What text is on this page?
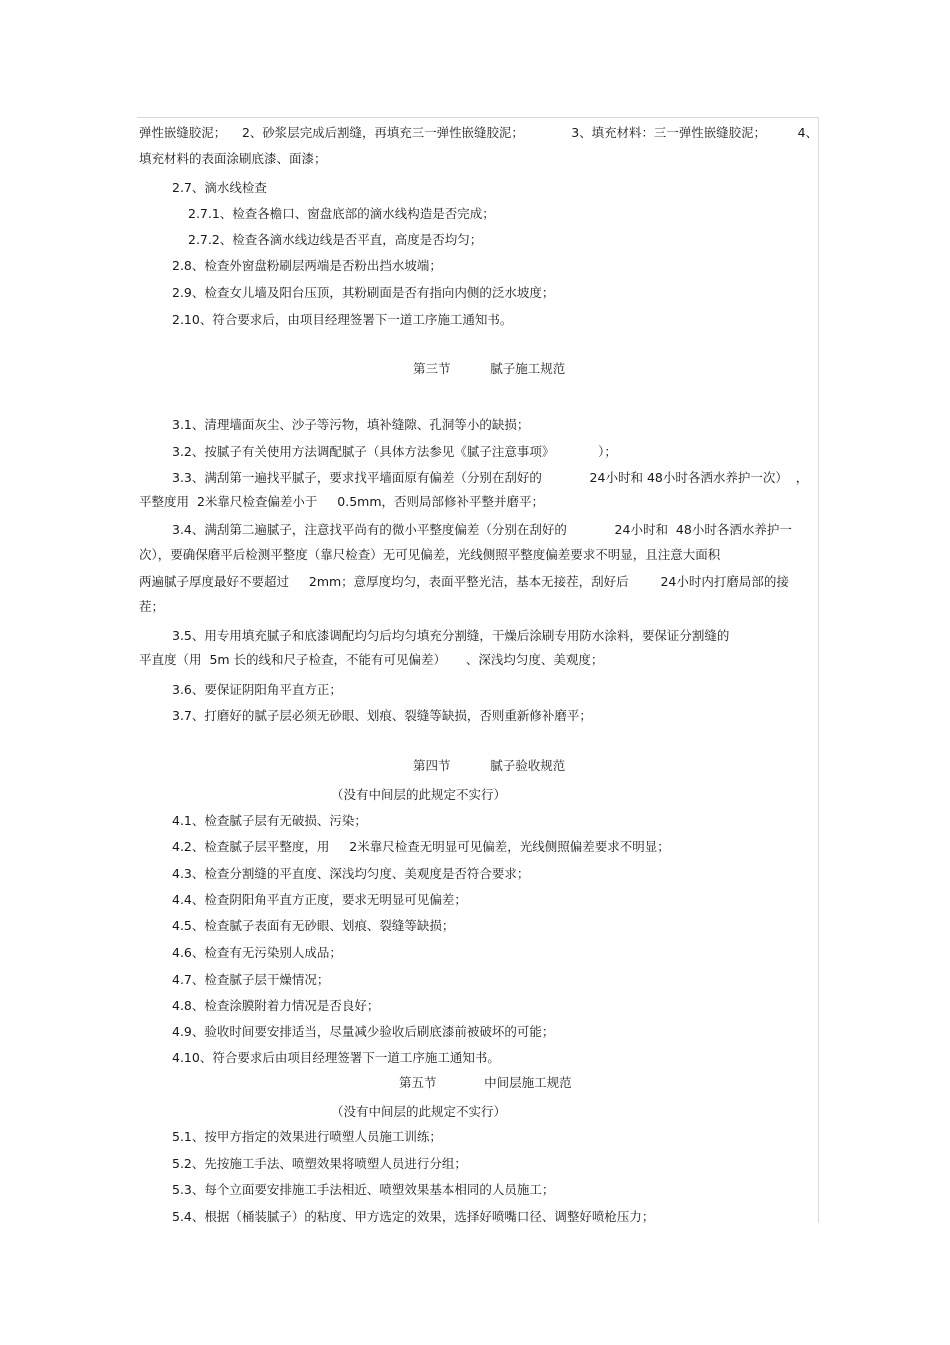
弹性嵌缝胶泥；    2、砂浆层完成后割缝，再填充三一弹性嵌缝胶泥；            3、填充材料：三一弹性嵌缝胶泥；        4、

填充材料的表面涂刷底漆、面漆；

2.7、滴水线检查

2.7.1、检查各檐口、窗盘底部的滴水线构造是否完成；

2.7.2、检查各滴水线边线是否平直，高度是否均匀；

2.8、检查外窗盘粉刷层两端是否粉出挡水坡端；

2.9、检查女儿墙及阳台压顶，其粉刷面是否有指向内侧的泛水坡度；

2.10、符合要求后，由项目经理签署下一道工序施工通知书。

第三节          腻子施工规范

3.1、清理墙面灰尘、沙子等污物，填补缝隙、孔洞等小的缺损；

3.2、按腻子有关使用方法调配腻子（具体方法参见《腻子注意事项》           ）；

3.3、满刮第一遍找平腻子，要求找平墙面原有偏差（分别在刮好的            24小时和 48小时各洒水养护一次）  ，

平整度用  2米靠尺检查偏差小于     0.5mm，否则局部修补平整并磨平；

3.4、满刮第二遍腻子，注意找平尚有的微小平整度偏差（分别在刮好的            24小时和  48小时各洒水养护一

次），要确保磨平后检测平整度（靠尺检查）无可见偏差，光线侧照平整度偏差要求不明显，且注意大面积

两遍腻子厚度最好不要超过     2mm；意厚度均匀，表面平整光洁，基本无接茬，刮好后        24小时内打磨局部的接

茬；

3.5、用专用填充腻子和底漆调配均匀后均匀填充分割缝，干燥后涂刷专用防水涂料，要保证分割缝的

平直度（用  5m 长的线和尺子检查，不能有可见偏差）     、深浅均匀度、美观度；

3.6、要保证阴阳角平直方正；

3.7、打磨好的腻子层必须无砂眼、划痕、裂缝等缺损，否则重新修补磨平；

第四节          腻子验收规范

（没有中间层的此规定不实行）

4.1、检查腻子层有无破损、污染；

4.2、检查腻子层平整度，用     2米靠尺检查无明显可见偏差，光线侧照偏差要求不明显；

4.3、检查分割缝的平直度、深浅均匀度、美观度是否符合要求；

4.4、检查阴阳角平直方正度，要求无明显可见偏差；

4.5、检查腻子表面有无砂眼、划痕、裂缝等缺损；

4.6、检查有无污染别人成品；

4.7、检查腻子层干燥情况；

4.8、检查涂膜附着力情况是否良好；

4.9、验收时间要安排适当，尽量减少验收后刷底漆前被破坏的可能；

4.10、符合要求后由项目经理签署下一道工序施工通知书。

第五节            中间层施工规范

（没有中间层的此规定不实行）

5.1、按甲方指定的效果进行喷塑人员施工训练；

5.2、先按施工手法、喷塑效果将喷塑人员进行分组；

5.3、每个立面要安排施工手法相近、喷塑效果基本相同的人员施工；

5.4、根据（桶装腻子）的粘度、甲方选定的效果，选择好喷嘴口径、调整好喷枪压力；
